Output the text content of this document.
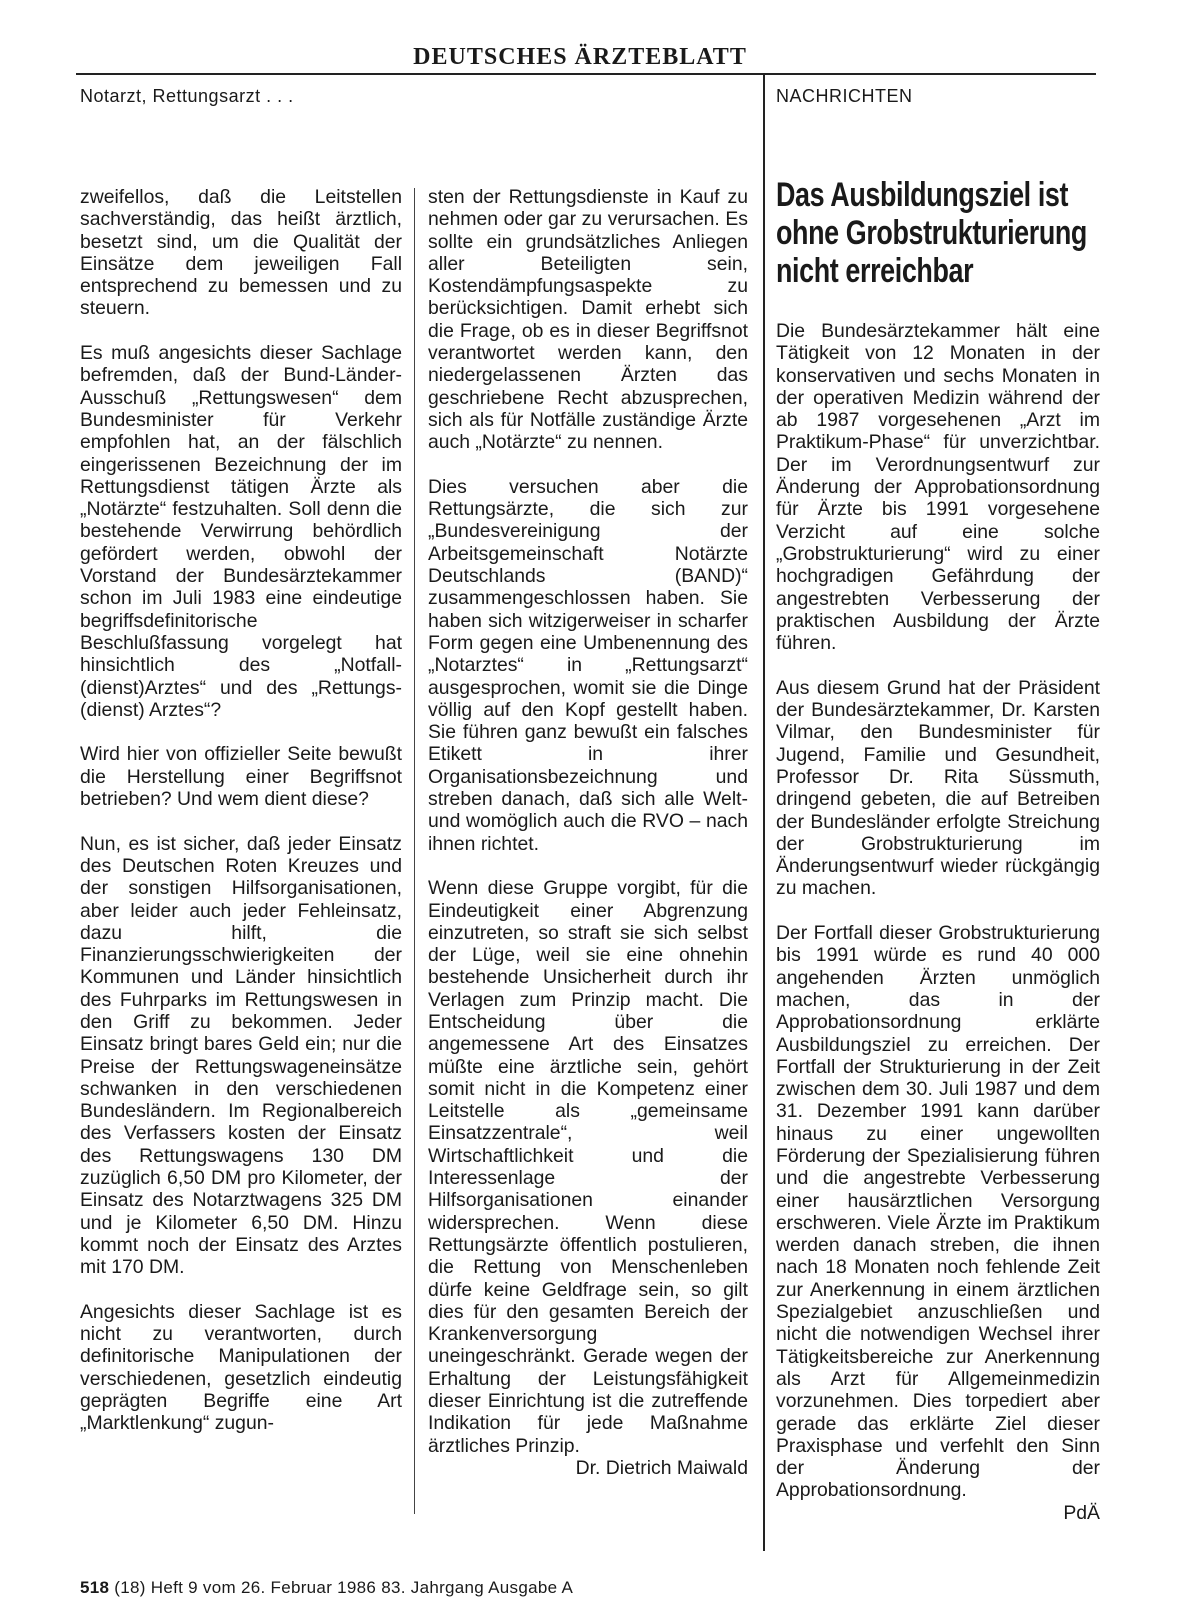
DEUTSCHES ÄRZTEBLATT
Notarzt, Rettungsarzt . . .	NACHRICHTEN

zweifellos, daß die Leitstellen sachverständig, das heißt ärztlich, besetzt sind, um die Qualität der Einsätze dem jeweiligen Fall entsprechend zu bemessen und zu steuern.

Es muß angesichts dieser Sachlage befremden, daß der Bund-Länder-Ausschuß „Rettungswesen“ dem Bundesminister für Verkehr empfohlen hat, an der fälschlich eingerissenen Bezeichnung der im Rettungsdienst tätigen Ärzte als „Notärzte“ festzuhalten. Soll denn die bestehende Verwirrung behördlich gefördert werden, obwohl der Vorstand der Bundesärztekammer schon im Juli 1983 eine eindeutige begriffsdefinitorische Beschlußfassung vorgelegt hat hinsichtlich des „Notfall-(dienst)Arztes“ und des „Rettungs-(dienst) Arztes“?

Wird hier von offizieller Seite bewußt die Herstellung einer Begriffsnot betrieben? Und wem dient diese?

Nun, es ist sicher, daß jeder Einsatz des Deutschen Roten Kreuzes und der sonstigen Hilfsorganisationen, aber leider auch jeder Fehleinsatz, dazu hilft, die Finanzierungsschwierigkeiten der Kommunen und Länder hinsichtlich des Fuhrparks im Rettungswesen in den Griff zu bekommen. Jeder Einsatz bringt bares Geld ein; nur die Preise der Rettungswageneinsätze schwanken in den verschiedenen Bundesländern. Im Regionalbereich des Verfassers kosten der Einsatz des Rettungswagens 130 DM zuzüglich 6,50 DM pro Kilometer, der Einsatz des Notarztwagens 325 DM und je Kilometer 6,50 DM. Hinzu kommt noch der Einsatz des Arztes mit 170 DM.

Angesichts dieser Sachlage ist es nicht zu verantworten, durch definitorische Manipulationen der verschiedenen, gesetzlich eindeutig geprägten Begriffe eine Art „Marktlenkung“ zugun-

sten der Rettungsdienste in Kauf zu nehmen oder gar zu verursachen. Es sollte ein grundsätzliches Anliegen aller Beteiligten sein, Kostendämpfungsaspekte zu berücksichtigen. Damit erhebt sich die Frage, ob es in dieser Begriffsnot verantwortet werden kann, den niedergelassenen Ärzten das geschriebene Recht abzusprechen, sich als für Notfälle zuständige Ärzte auch „Notärzte“ zu nennen.

Dies versuchen aber die Rettungsärzte, die sich zur „Bundesvereinigung der Arbeitsgemeinschaft Notärzte Deutschlands (BAND)“ zusammengeschlossen haben. Sie haben sich witzigerweiser in scharfer Form gegen eine Umbenennung des „Notarztes“ in „Rettungsarzt“ ausgesprochen, womit sie die Dinge völlig auf den Kopf gestellt haben. Sie führen ganz bewußt ein falsches Etikett in ihrer Organisationsbezeichnung und streben danach, daß sich alle Welt- und womöglich auch die RVO – nach ihnen richtet.

Wenn diese Gruppe vorgibt, für die Eindeutigkeit einer Abgrenzung einzutreten, so straft sie sich selbst der Lüge, weil sie eine ohnehin bestehende Unsicherheit durch ihr Verlagen zum Prinzip macht. Die Entscheidung über die angemessene Art des Einsatzes müßte eine ärztliche sein, gehört somit nicht in die Kompetenz einer Leitstelle als „gemeinsame Einsatzzentrale“, weil Wirtschaftlichkeit und die Interessenlage der Hilfsorganisationen einander widersprechen. Wenn diese Rettungsärzte öffentlich postulieren, die Rettung von Menschenleben dürfe keine Geldfrage sein, so gilt dies für den gesamten Bereich der Krankenversorgung uneingeschränkt. Gerade wegen der Erhaltung der Leistungsfähigkeit dieser Einrichtung ist die zutreffende Indikation für jede Maßnahme ärztliches Prinzip.

Dr. Dietrich Maiwald
Das Ausbildungsziel ist ohne Grobstrukturierung nicht erreichbar

Die Bundesärztekammer hält eine Tätigkeit von 12 Monaten in der konservativen und sechs Monaten in der operativen Medizin während der ab 1987 vorgesehenen „Arzt im Praktikum-Phase“ für unverzichtbar. Der im Verordnungsentwurf zur Änderung der Approbationsordnung für Ärzte bis 1991 vorgesehene Verzicht auf eine solche „Grobstrukturierung“ wird zu einer hochgradigen Gefährdung der angestrebten Verbesserung der praktischen Ausbildung der Ärzte führen.

Aus diesem Grund hat der Präsident der Bundesärztekammer, Dr. Karsten Vilmar, den Bundesminister für Jugend, Familie und Gesundheit, Professor Dr. Rita Süssmuth, dringend gebeten, die auf Betreiben der Bundesländer erfolgte Streichung der Grobstrukturierung im Änderungsentwurf wieder rückgängig zu machen.

Der Fortfall dieser Grobstrukturierung bis 1991 würde es rund 40 000 angehenden Ärzten unmöglich machen, das in der Approbationsordnung erklärte Ausbildungsziel zu erreichen. Der Fortfall der Strukturierung in der Zeit zwischen dem 30. Juli 1987 und dem 31. Dezember 1991 kann darüber hinaus zu einer ungewollten Förderung der Spezialisierung führen und die angestrebte Verbesserung einer hausärztlichen Versorgung erschweren. Viele Ärzte im Praktikum werden danach streben, die ihnen nach 18 Monaten noch fehlende Zeit zur Anerkennung in einem ärztlichen Spezialgebiet anzuschließen und nicht die notwendigen Wechsel ihrer Tätigkeitsbereiche zur Anerkennung als Arzt für Allgemeinmedizin vorzunehmen. Dies torpediert aber gerade das erklärte Ziel dieser Praxisphase und verfehlt den Sinn der Änderung der Approbationsordnung.

PdÄ
518 (18) Heft 9 vom 26. Februar 1986 83. Jahrgang Ausgabe A
